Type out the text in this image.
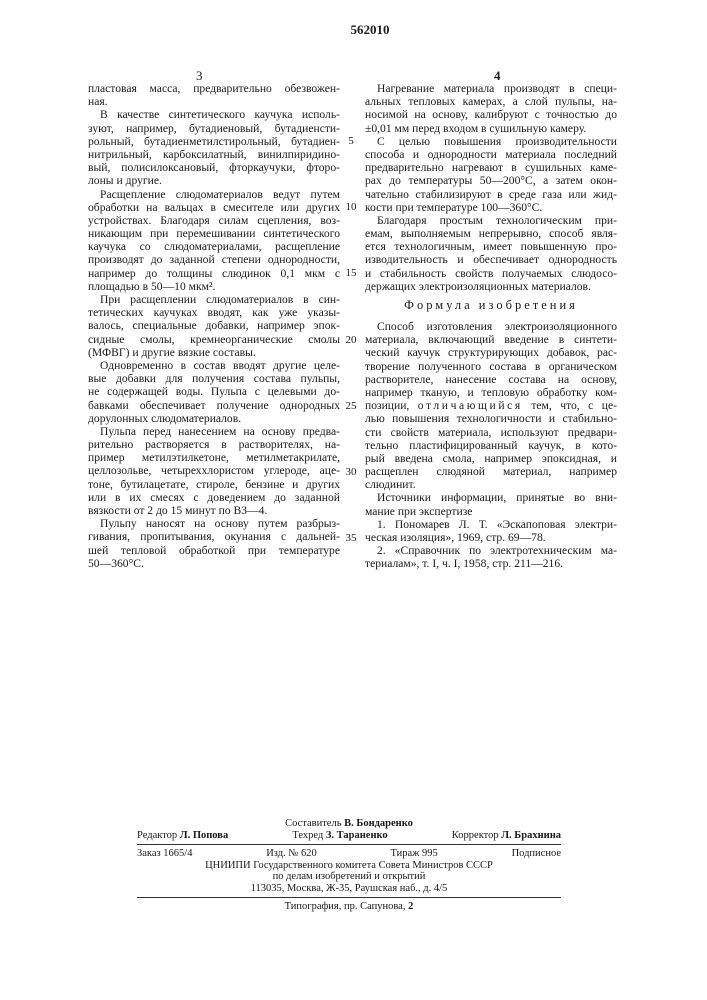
562010
3	4
пластовая масса, предварительно обезвожен-
ная.
В качестве синтетического каучука исполь-
зуют, например, бутадиеновый, бутадиенсти-
рольный, бутадиенметилстирольный, бутадиен-
нитрильный, карбоксилатный, винилпиридино-
вый, полисилоксановый, фторкаучуки, фторо-
лоны и другие.
Расщепление слюдоматериалов ведут путем
обработки на вальцах в смесителе или других
устройствах. Благодаря силам сцепления, воз-
никающим при перемешивании синтетического
каучука со слюдоматериалами, расщепление
производят до заданной степени однородности,
например до толщины слюдинок 0,1 мкм с
площадью в 50—10 мкм².
При расщеплении слюдоматериалов в син-
тетических каучуках вводят, как уже указы-
валось, специальные добавки, например эпок-
сидные смолы, кремнеорганические смолы
(МФВГ) и другие вязкие составы.
Одновременно в состав вводят другие целе-
вые добавки для получения состава пульпы,
не содержащей воды. Пульпа с целевыми до-
бавками обеспечивает получение однородных
дорулонных слюдоматериалов.
Пульпа перед нанесением на основу предва-
рительно растворяется в растворителях, на-
пример метилэтилкетоне, метилметакрилате,
целлозольве, четыреххлористом углероде, аце-
тоне, бутилацетате, стироле, бензине и других
или в их смесях с доведением до заданной
вязкости от 2 до 15 минут по ВЗ—4.
Пульпу наносят на основу путем разбрыз-
гивания, пропитывания, окунания с дальней-
шей тепловой обработкой при температуре
50—360°С.
Нагревание материала производят в специ-
альных тепловых камерах, а слой пульпы, на-
носимой на основу, калибруют с точностью до
±0,01 мм перед входом в сушильную камеру.
С целью повышения производительности
способа и однородности материала последний
предварительно нагревают в сушильных каме-
рах до температуры 50—200°С, а затем окон-
чательно стабилизируют в среде газа или жид-
кости при температуре 100—360°С.
Благодаря простым технологическим при-
емам, выполняемым непрерывно, способ явля-
ется технологичным, имеет повышенную про-
изводительность и обеспечивает однородность
и стабильность свойств получаемых слюдосо-
держащих электроизоляционных материалов.
Формула изобретения
Способ изготовления электроизоляционного
материала, включающий введение в синтети-
ческий каучук структурирующих добавок, рас-
творение полученного состава в органическом
растворителе, нанесение состава на основу,
например тканую, и тепловую обработку ком-
позиции, отличающийся тем, что, с це-
лью повышения технологичности и стабильно-
сти свойств материала, используют предвари-
тельно пластифицированный каучук, в кото-
рый введена смола, например эпоксидная, и
расщеплен слюдяной материал, например
слюдинит.
Источники информации, принятые во вни-
мание при экспертизе
1. Пономарев Л. Т. «Эскапоповая электри-
ческая изоляция», 1969, стр. 69—78.
2. «Справочник по электротехническим ма-
териалам», т. I, ч. I, 1958, стр. 211—216.
5
10
15
20
25
30
35
Составитель В. Бондаренко
Редактор Л. Попова	Техред З. Тараненко	Корректор Л. Брахнина
Заказ 1665/4	Изд. № 620	Тираж 995	Подписное
ЦНИИПИ Государственного комитета Совета Министров СССР
по делам изобретений и открытий
113035, Москва, Ж-35, Раушская наб., д. 4/5
Типография, пр. Сапунова, 2
